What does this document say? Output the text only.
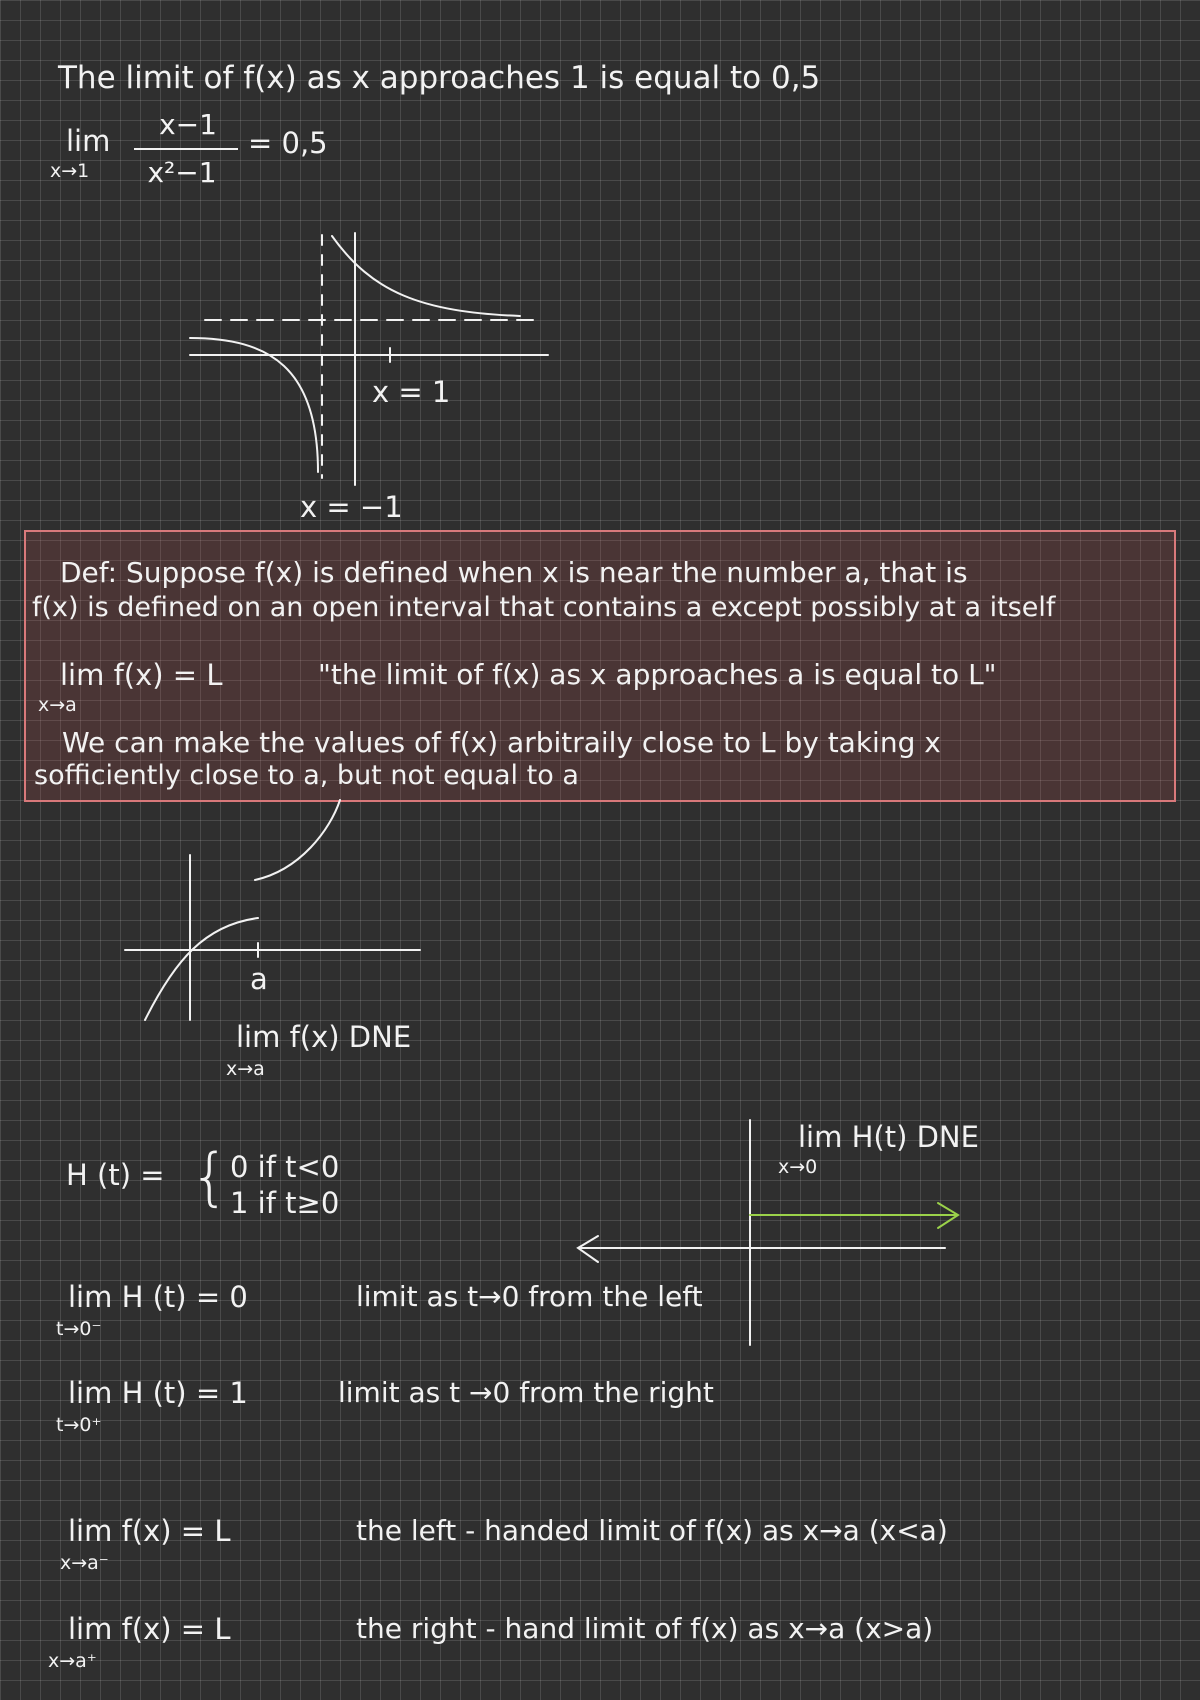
The limit of f(x) as x approaches 1 is equal to 0,5
lim
x→1
x−1
x²−1
= 0,5
x = 1
x = −1
Def: Suppose f(x) is defined when x is near the number a, that is
f(x) is defined on an open interval that contains a except possibly at a itself
lim f(x) = L
x→a
"the limit of f(x) as x approaches a is equal to L"
We can make the values of f(x) arbitraily close to L by taking x
sofficiently close to a, but not equal to a
a
lim f(x) DNE
x→a
H (t) = { 0 if t<0
1 if t≥0
lim H(t) DNE
x→0
lim H (t) = 0
t→0⁻
limit as t→0 from the left
lim H (t) = 1
t→0⁺
limit as t →0 from the right
lim f(x) = L
x→a⁻
the left - handed limit of f(x) as x→a (x<a)
lim f(x) = L
x→a⁺
the right - hand limit of f(x) as x→a (x>a)
